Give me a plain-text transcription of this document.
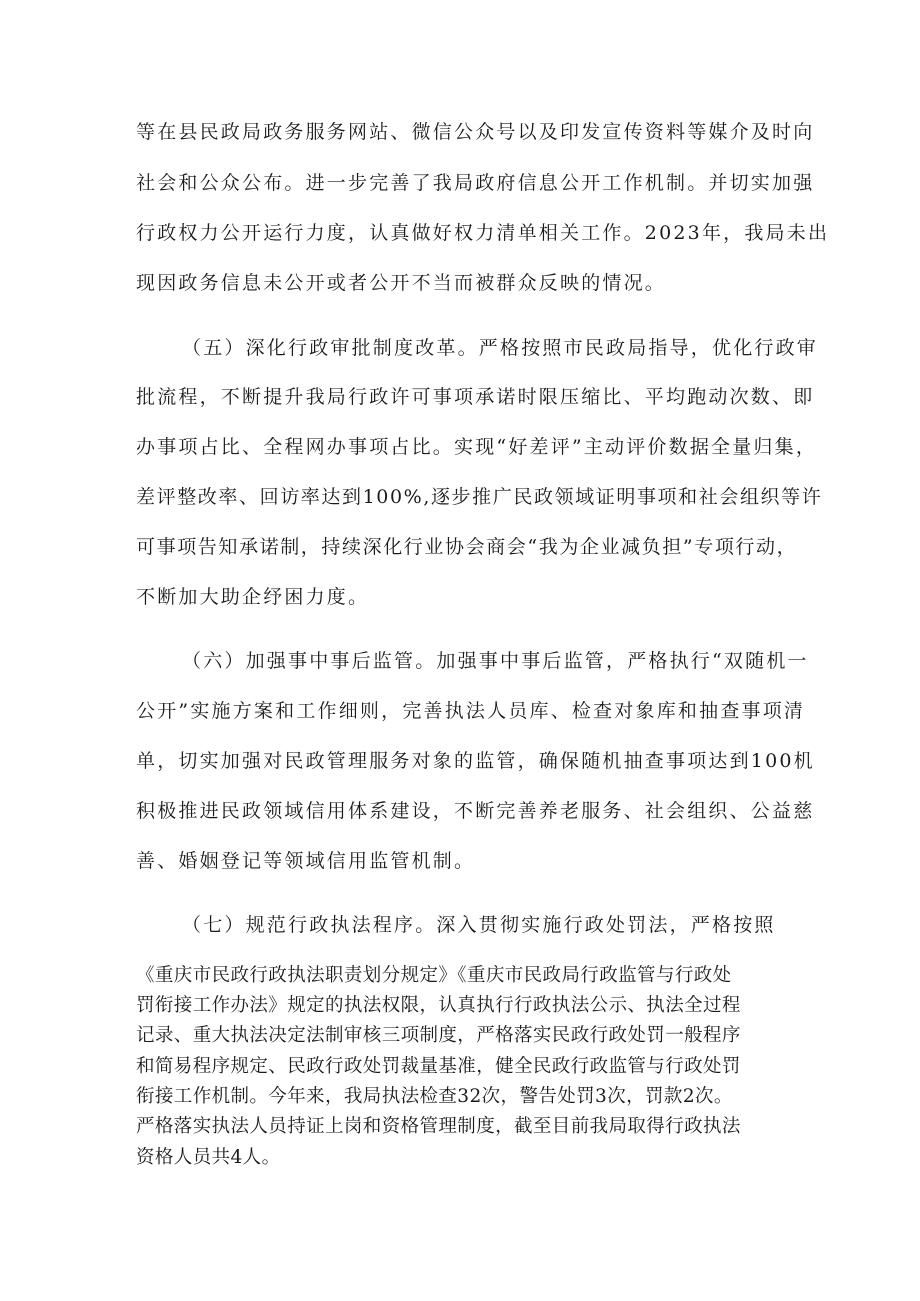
等在县民政局政务服务网站、微信公众号以及印发宣传资料等媒介及时向
社会和公众公布。进一步完善了我局政府信息公开工作机制。并切实加强
行政权力公开运行力度，认真做好权力清单相关工作。2023年，我局未出
现因政务信息未公开或者公开不当而被群众反映的情况。
（五）深化行政审批制度改革。严格按照市民政局指导，优化行政审
批流程，不断提升我局行政许可事项承诺时限压缩比、平均跑动次数、即
办事项占比、全程网办事项占比。实现“好差评”主动评价数据全量归集，
差评整改率、回访率达到100%,逐步推广民政领域证明事项和社会组织等许
可事项告知承诺制，持续深化行业协会商会“我为企业减负担”专项行动，
不断加大助企纾困力度。
（六）加强事中事后监管。加强事中事后监管，严格执行“双随机一
公开”实施方案和工作细则，完善执法人员库、检查对象库和抽查事项清
单，切实加强对民政管理服务对象的监管，确保随机抽查事项达到100机
积极推进民政领域信用体系建设，不断完善养老服务、社会组织、公益慈
善、婚姻登记等领域信用监管机制。
（七）规范行政执法程序。深入贯彻实施行政处罚法，严格按照
《重庆市民政行政执法职责划分规定》《重庆市民政局行政监管与行政处
罚衔接工作办法》规定的执法权限，认真执行行政执法公示、执法全过程
记录、重大执法决定法制审核三项制度，严格落实民政行政处罚一般程序
和简易程序规定、民政行政处罚裁量基准，健全民政行政监管与行政处罚
衔接工作机制。今年来，我局执法检查32次，警告处罚3次，罚款2次。
严格落实执法人员持证上岗和资格管理制度，截至目前我局取得行政执法
资格人员共4人。
